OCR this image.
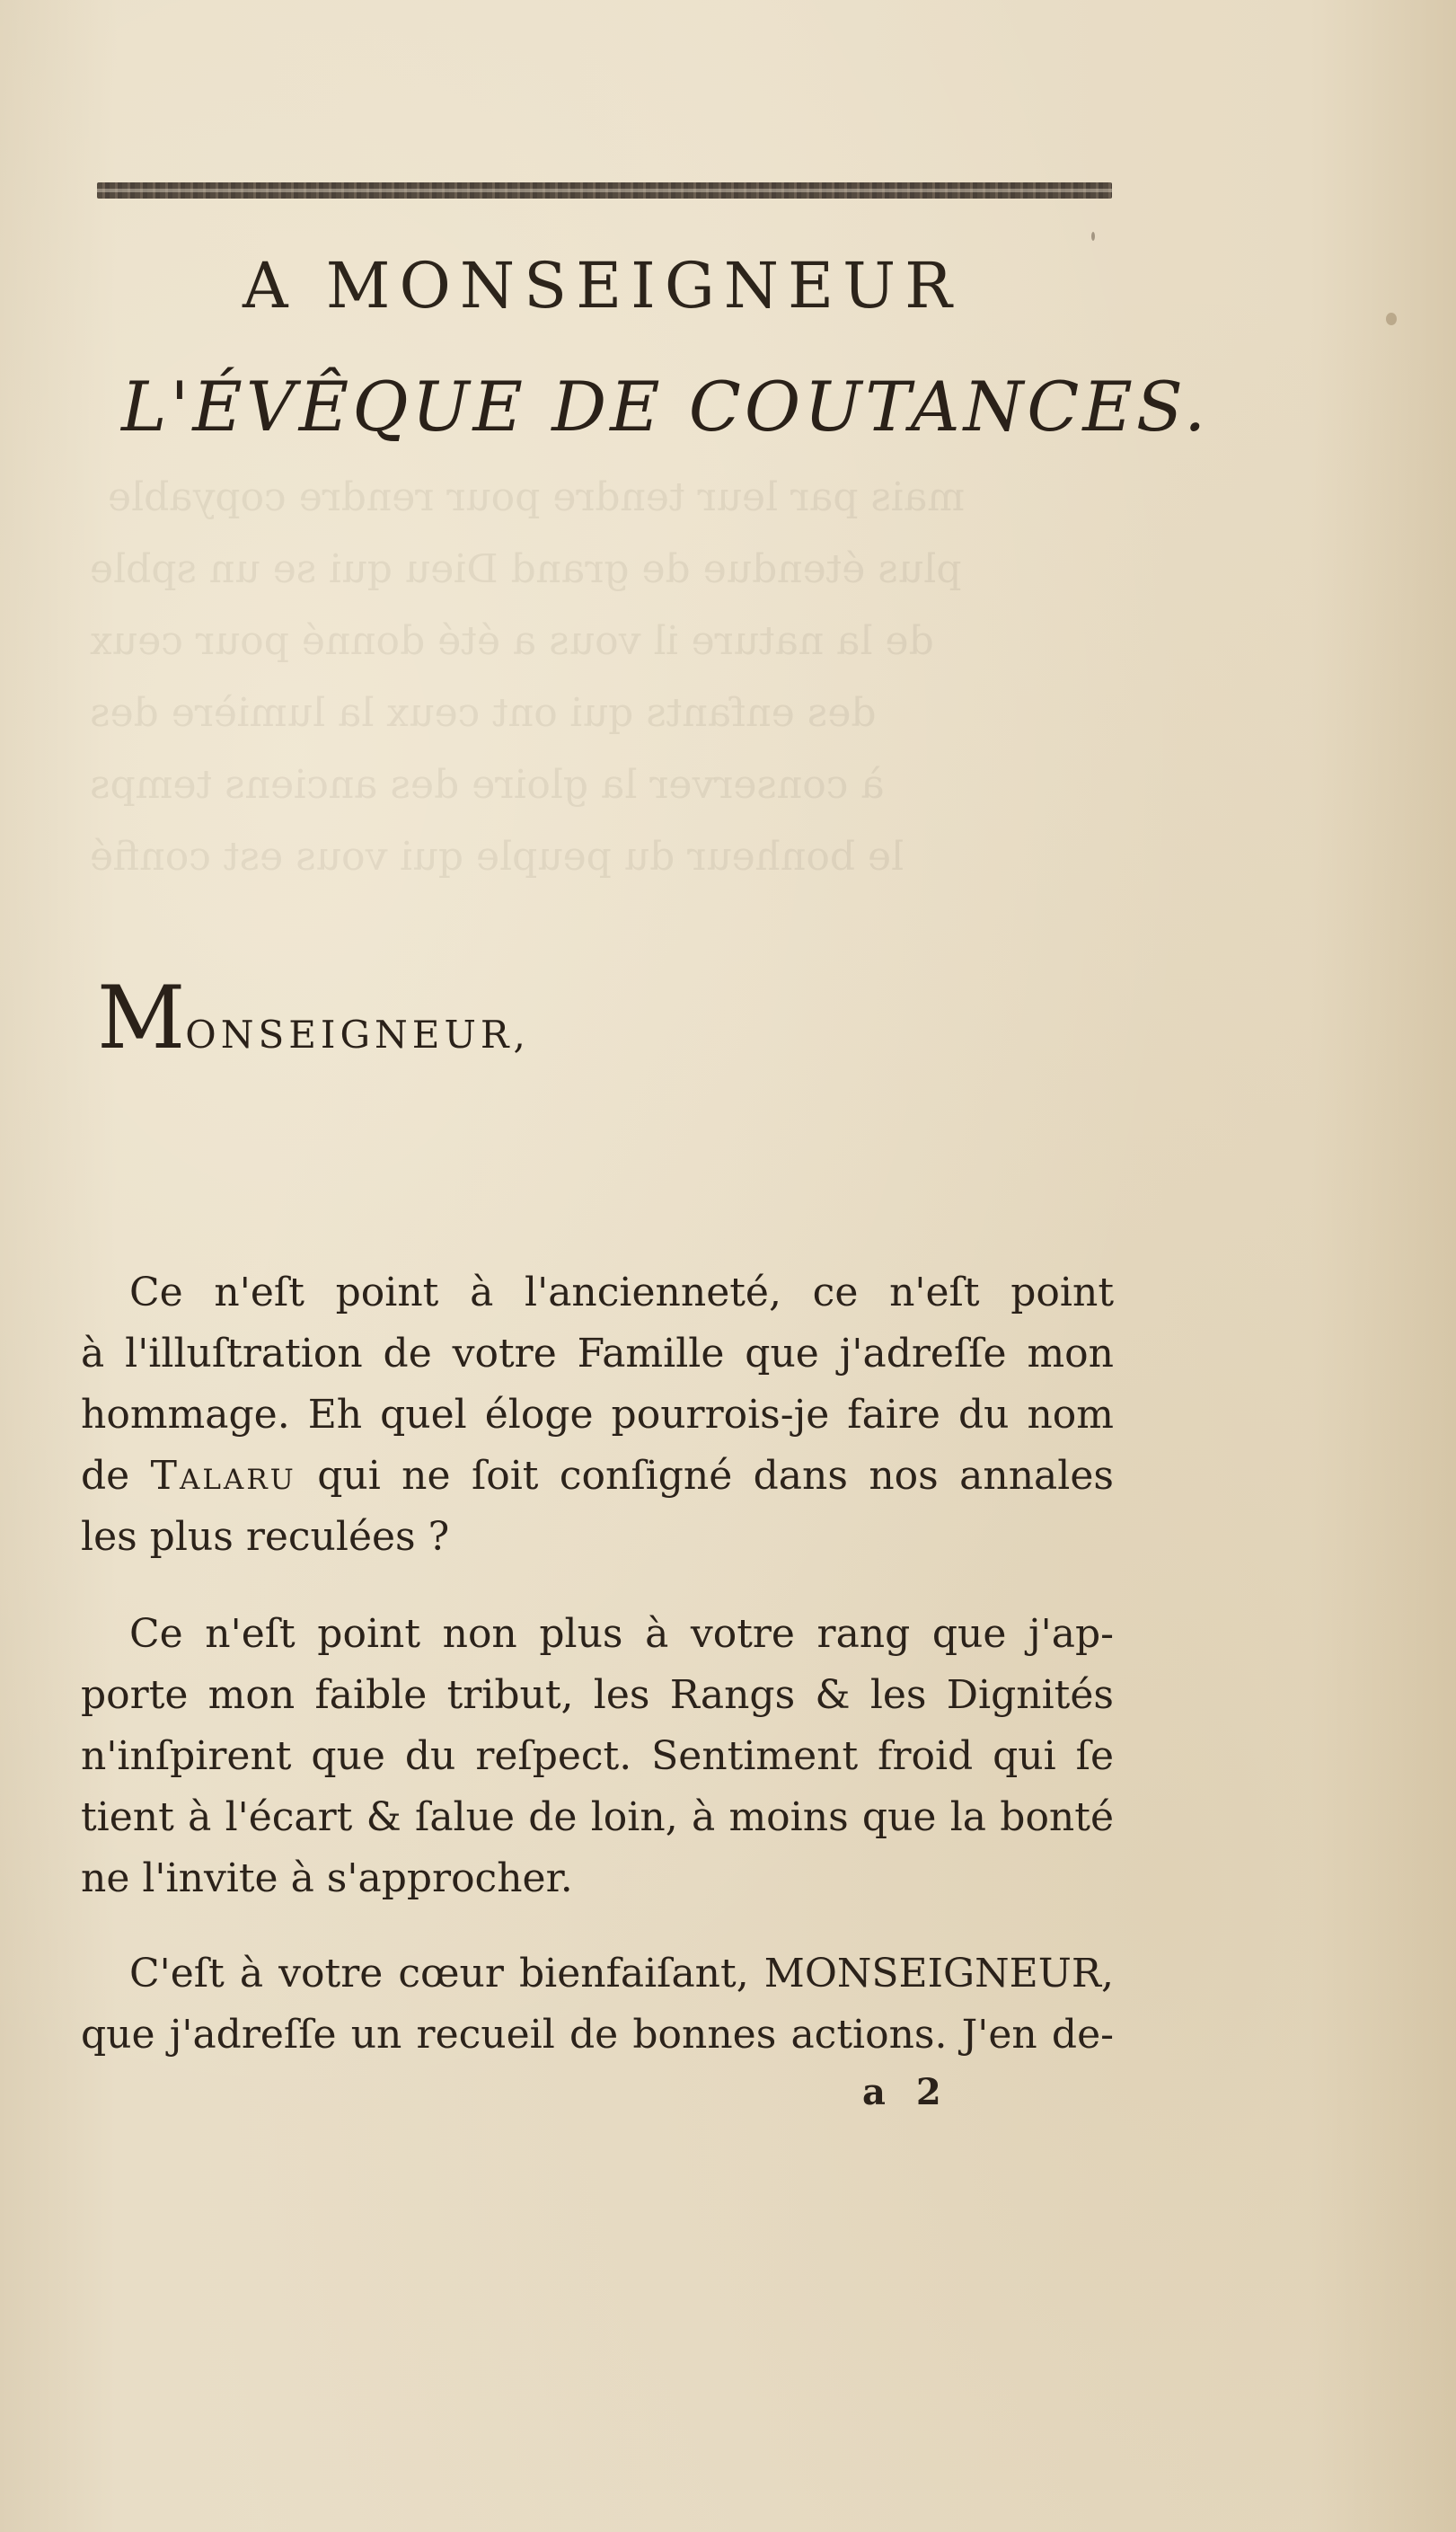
mais par leur tendre pour rendre copyable
plus étendue de grand Dieu qui se un spble
de la nature il vous a été donné pour ceux
des enfants qui ont ceux la lumière des
à conserver la gloire des anciens temps
le bonheur du peuple qui vous est confié
A MONSEIGNEUR
L'ÉVÊQUE DE COUTANCES.
MONSEIGNEUR,
Ce n'eſt point à l'ancienneté, ce n'eſt point
à l'illuſtration de votre Famille que j'adreſſe mon
hommage. Eh quel éloge pourrois-je faire du nom
de Talaru qui ne ſoit conſigné dans nos annales
les plus reculées ?
Ce n'eſt point non plus à votre rang que j'ap-
porte mon faible tribut, les Rangs & les Dignités
n'inſpirent que du reſpect. Sentiment froid qui ſe
tient à l'écart & ſalue de loin, à moins que la bonté
ne l'invite à s'approcher.
C'eſt à votre cœur bienfaiſant, MONSEIGNEUR,
que j'adreſſe un recueil de bonnes actions. J'en de-
a 2
